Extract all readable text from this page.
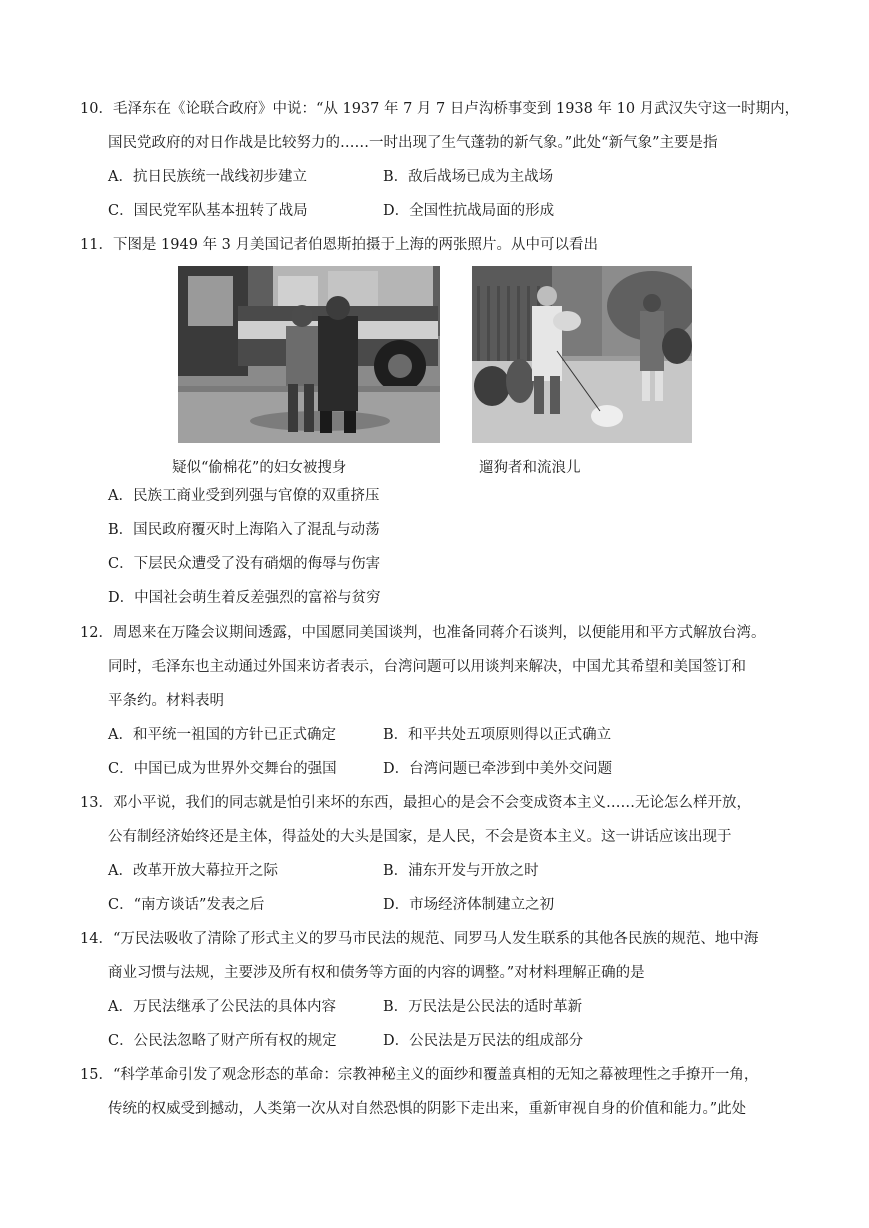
10．毛泽东在《论联合政府》中说：“从 1937 年 7 月 7 日卢沟桥事变到 1938 年 10 月武汉失守这一时期内，
国民党政府的对日作战是比较努力的……一时出现了生气蓬勃的新气象。”此处“新气象”主要是指
A．抗日民族统一战线初步建立	B．敌后战场已成为主战场
C．国民党军队基本扭转了战局	D．全国性抗战局面的形成
11．下图是 1949 年 3 月美国记者伯恩斯拍摄于上海的两张照片。从中可以看出
疑似“偷棉花”的妇女被搜身	遛狗者和流浪儿
A．民族工商业受到列强与官僚的双重挤压
B．国民政府覆灭时上海陷入了混乱与动荡
C．下层民众遭受了没有硝烟的侮辱与伤害
D．中国社会萌生着反差强烈的富裕与贫穷
12．周恩来在万隆会议期间透露，中国愿同美国谈判，也准备同蒋介石谈判，以便能用和平方式解放台湾。
同时，毛泽东也主动通过外国来访者表示，台湾问题可以用谈判来解决，中国尤其希望和美国签订和
平条约。材料表明
A．和平统一祖国的方针已正式确定	B．和平共处五项原则得以正式确立
C．中国已成为世界外交舞台的强国	D．台湾问题已牵涉到中美外交问题
13．邓小平说，我们的同志就是怕引来坏的东西，最担心的是会不会变成资本主义……无论怎么样开放，
公有制经济始终还是主体，得益处的大头是国家，是人民，不会是资本主义。这一讲话应该出现于
A．改革开放大幕拉开之际	B．浦东开发与开放之时
C．“南方谈话”发表之后	D．市场经济体制建立之初
14．“万民法吸收了清除了形式主义的罗马市民法的规范、同罗马人发生联系的其他各民族的规范、地中海
商业习惯与法规，主要涉及所有权和债务等方面的内容的调整。”对材料理解正确的是
A．万民法继承了公民法的具体内容	B．万民法是公民法的适时革新
C．公民法忽略了财产所有权的规定	D．公民法是万民法的组成部分
15．“科学革命引发了观念形态的革命：宗教神秘主义的面纱和覆盖真相的无知之幕被理性之手撩开一角，
传统的权威受到撼动，人类第一次从对自然恐惧的阴影下走出来，重新审视自身的价值和能力。”此处
